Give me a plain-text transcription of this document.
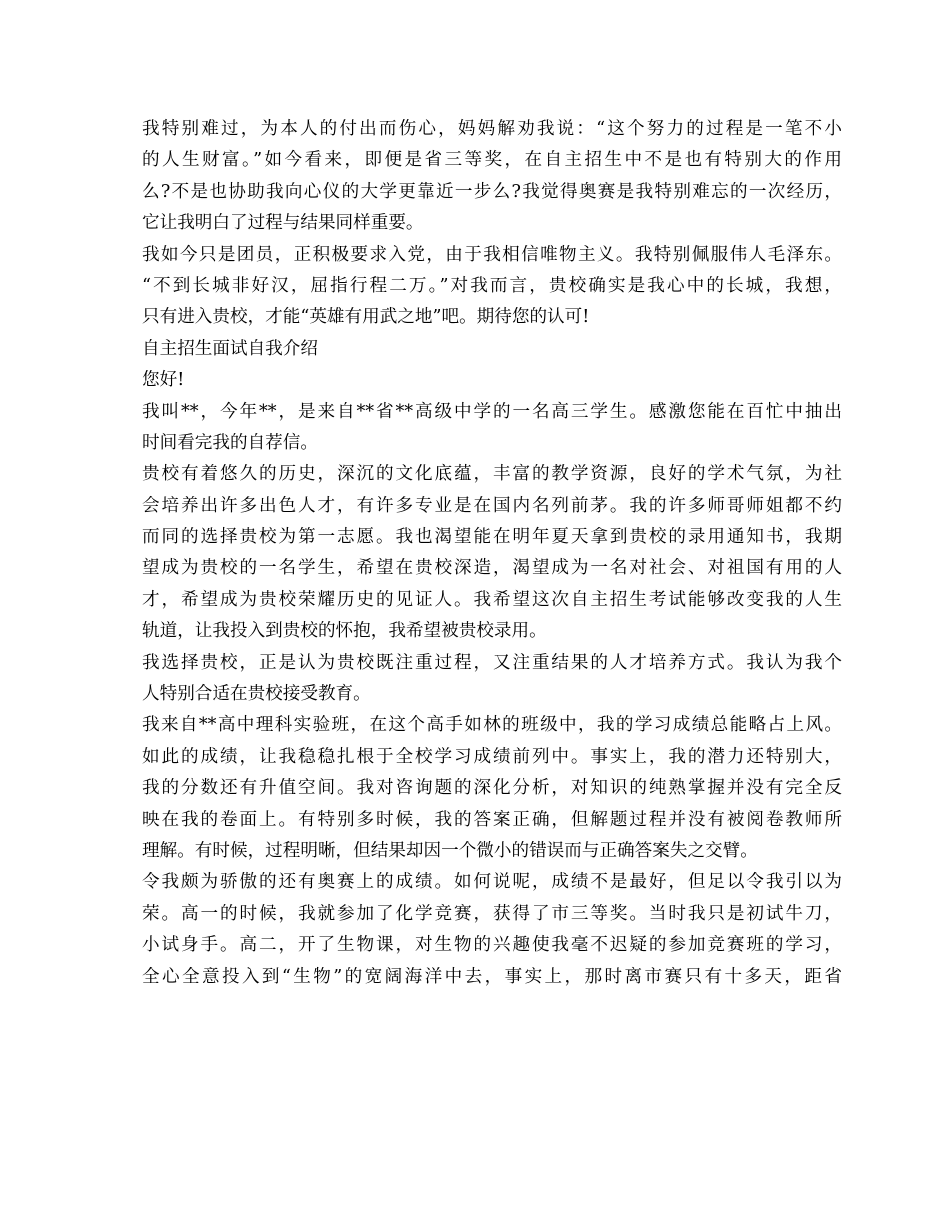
我特别难过，为本人的付出而伤心，妈妈解劝我说：“这个努力的过程是一笔不小

的人生财富。”如今看来，即便是省三等奖，在自主招生中不是也有特别大的作用

么?不是也协助我向心仪的大学更靠近一步么?我觉得奥赛是我特别难忘的一次经历，

它让我明白了过程与结果同样重要。

我如今只是团员，正积极要求入党，由于我相信唯物主义。我特别佩服伟人毛泽东。

“不到长城非好汉，屈指行程二万。”对我而言，贵校确实是我心中的长城，我想，

只有进入贵校，才能“英雄有用武之地”吧。期待您的认可!

自主招生面试自我介绍

您好!

我叫**，今年**，是来自**省**高级中学的一名高三学生。感激您能在百忙中抽出

时间看完我的自荐信。

贵校有着悠久的历史，深沉的文化底蕴，丰富的教学资源，良好的学术气氛，为社

会培养出许多出色人才，有许多专业是在国内名列前茅。我的许多师哥师姐都不约

而同的选择贵校为第一志愿。我也渴望能在明年夏天拿到贵校的录用通知书，我期

望成为贵校的一名学生，希望在贵校深造，渴望成为一名对社会、对祖国有用的人

才，希望成为贵校荣耀历史的见证人。我希望这次自主招生考试能够改变我的人生

轨道，让我投入到贵校的怀抱，我希望被贵校录用。

我选择贵校，正是认为贵校既注重过程，又注重结果的人才培养方式。我认为我个

人特别合适在贵校接受教育。

我来自**高中理科实验班，在这个高手如林的班级中，我的学习成绩总能略占上风。

如此的成绩，让我稳稳扎根于全校学习成绩前列中。事实上，我的潜力还特别大，

我的分数还有升值空间。我对咨询题的深化分析，对知识的纯熟掌握并没有完全反

映在我的卷面上。有特别多时候，我的答案正确，但解题过程并没有被阅卷教师所

理解。有时候，过程明晰，但结果却因一个微小的错误而与正确答案失之交臂。

令我颇为骄傲的还有奥赛上的成绩。如何说呢，成绩不是最好，但足以令我引以为

荣。高一的时候，我就参加了化学竞赛，获得了市三等奖。当时我只是初试牛刀，

小试身手。高二，开了生物课，对生物的兴趣使我毫不迟疑的参加竞赛班的学习，

全心全意投入到“生物”的宽阔海洋中去，事实上，那时离市赛只有十多天，距省
